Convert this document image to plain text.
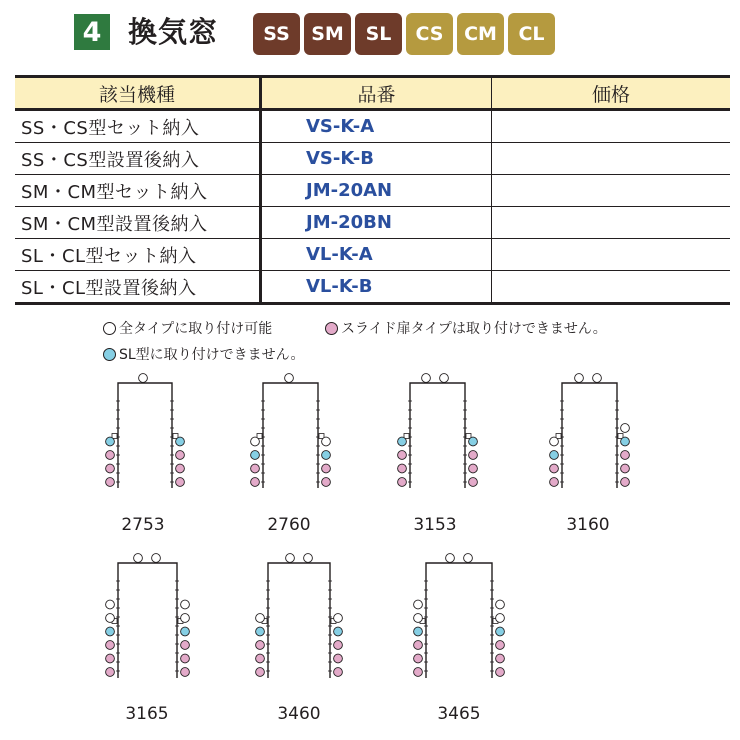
4 換気窓	SS	SM	SL	CS	CM	CL
該当機種	品番	価格
SS・CS型セット納入	VS-K-A	
SS・CS型設置後納入	VS-K-B	
SM・CM型セット納入	JM-20AN	
SM・CM型設置後納入	JM-20BN	
SL・CL型セット納入	VL-K-A	
SL・CL型設置後納入	VL-K-B	
全タイプに取り付け可能	スライド扉タイプは取り付けできません。
SL型に取り付けできません。
2753	2760	3153	3160
3165	3460	3465
